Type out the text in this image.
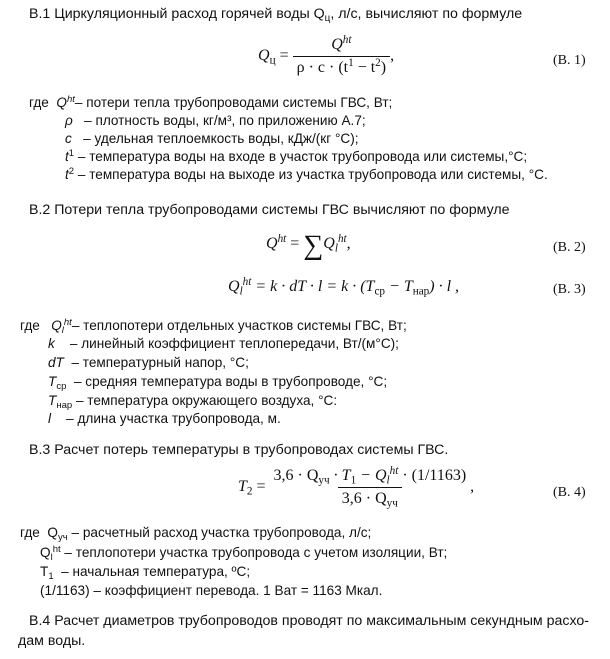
В.1 Циркуляционный расход горячей воды $Q_ц$, л/с, вычисляют по формуле
$Q_ц = \frac{Q^{ht}}{\rho \cdot c \cdot (t^1 - t^2)}$ ,	(В. 1)
где $Q^{ht}-$ потери тепла трубопроводами системы ГВС, Вт;
ρ – плотность воды, кг/м³, по приложению А.7;
c – удельная теплоемкость воды, кДж/(кг °С);
$t^1$ – температура воды на входе в участок трубопровода или системы,°С;
$t^2$ – температура воды на выходе из участка трубопровода или системы, °С.
В.2 Потери тепла трубопроводами системы ГВС вычисляют по формуле
$Q^{ht} = \sum Q_l^{ht}$,	(В. 2)
$Q_l^{ht} = k$ · dT · $l = k \cdot (T_{ср} - T_{нар}) \cdot l$ ,	(В. 3)
где $Q_l^{ht}-$ теплопотери отдельных участков системы ГВС, Вт;
k – линейный коэффициент теплопередачи, Вт/(м°С);
dT – температурный напор, °С;
$T_{ср}$ – средняя температура воды в трубопроводе, °С;
$T_{нар}$ – температура окружающего воздуха, °С:
l – длина участка трубопровода, м.
В.3 Расчет потерь температуры в трубопроводах системы ГВС.
$T_2 = \frac{3,6 \cdot Q_{уч} \cdot T_1 - Q_l^{ht} \cdot (1/1163)}{3,6 \cdot Q_{уч}}$ ,	(В. 4)
где $Q_{уч}$ – расчетный расход участка трубопровода, л/с;
$Q_l^{ht}$ – теплопотери участка трубопровода с учетом изоляции, Вт;
$T_1$ – начальная температура, ºС;
(1/1163) – коэффициент перевода. 1 Ват = 1163 Мкал.
В.4 Расчет диаметров трубопроводов проводят по максимальным секундным расхо-
дам воды.
